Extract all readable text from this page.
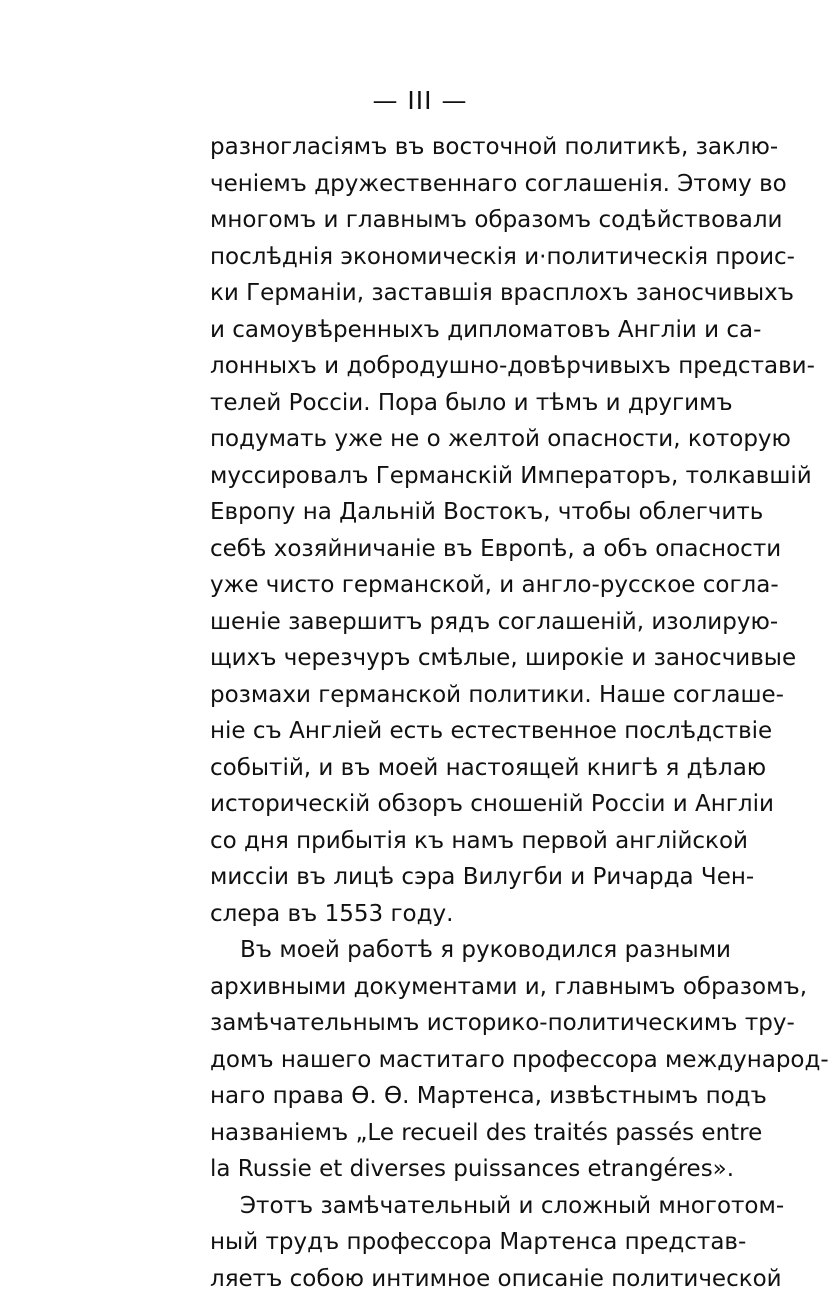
— III —
разногласіямъ въ восточной политикѣ, заклю-
ченіемъ дружественнаго соглашенія. Этому во
многомъ и главнымъ образомъ содѣйствовали
послѣднія экономическія и·политическія проис-
ки Германіи, заставшія врасплохъ заносчивыхъ
и самоувѣренныхъ дипломатовъ Англіи и са-
лонныхъ и добродушно-довѣрчивыхъ представи-
телей Россіи. Пора было и тѣмъ и другимъ
подумать уже не о желтой опасности, которую
муссировалъ Германскій Императоръ, толкавшій
Европу на Дальній Востокъ, чтобы облегчить
себѣ хозяйничаніе въ Европѣ, а объ опасности
уже чисто германской, и англо-русское согла-
шеніе завершитъ рядъ соглашеній, изолирую-
щихъ черезчуръ смѣлые, широкіе и заносчивые
розмахи германской политики. Наше соглаше-
ніе съ Англіей есть естественное послѣдствіе
событій, и въ моей настоящей книгѣ я дѣлаю
историческій обзоръ сношеній Россіи и Англіи
со дня прибытія къ намъ первой англійской
миссіи въ лицѣ сэра Вилугби и Ричарда Чен-
слера въ 1553 году.
Въ моей работѣ я руководился разными
архивными документами и, главнымъ образомъ,
замѣчательнымъ историко-политическимъ тру-
домъ нашего маститаго профессора международ-
наго права Ѳ. Ѳ. Мартенса, извѣстнымъ подъ
названіемъ „Le recueil des traités passés entre
la Russie et diverses puissances etrangéres».
Этотъ замѣчательный и сложный многотом-
ный трудъ профессора Мартенса представ-
ляетъ собою интимное описаніе политической
